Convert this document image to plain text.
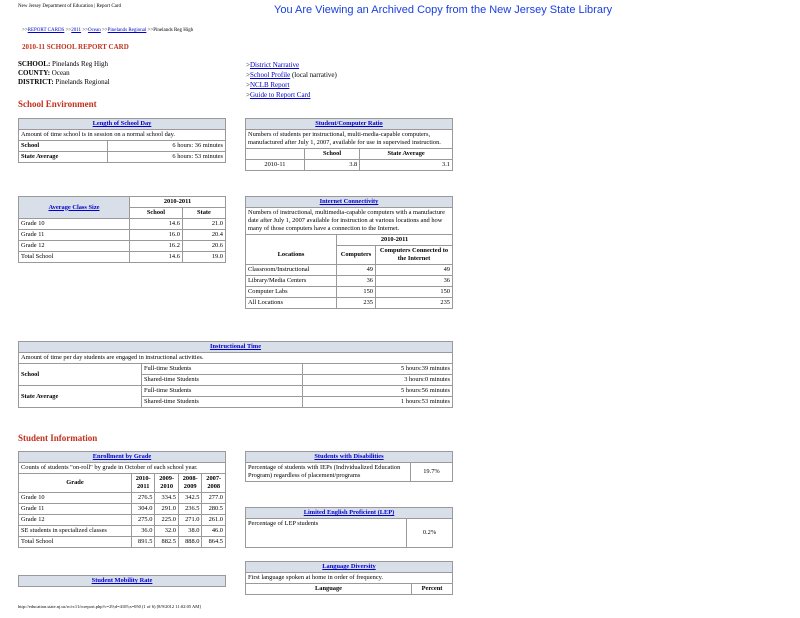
New Jersey Department of Education | Report Card	You Are Viewing an Archived Copy from the New Jersey State Library
>>REPORT CARDS >>2011 >>Ocean >>Pinelands Regional >>Pinelands Reg High
2010-11 SCHOOL REPORT CARD
SCHOOL: Pinelands Reg High
COUNTY: Ocean
DISTRICT: Pinelands Regional
>District Narrative
>School Profile (local narrative)
>NCLB Report
>Guide to Report Card
School Environment
Length of School Day	
Amount of time school is in session on a normal school day.	
School	6 hours: 36 minutes
State Average	6 hours: 53 minutes
Student/Computer Ratio		
Numbers of students per instructional, multi-media-capable computers, manufactured after July 1, 2007, available for use in supervised instruction.		
	School	State Average
2010-11	3.8	3.1
Average Class Size	2010-2011	
	School	State
Grade 10	14.6	21.0
Grade 11	16.0	20.4
Grade 12	16.2	20.6
Total School	14.6	19.0
Internet Connectivity		
Numbers of instructional, multimedia-capable computers with a manufacture date after July 1, 2007 available for instruction at various locations and how many of those computers have a connection to the Internet.		
	2010-2011	
Locations	Computers	Computers Connected to the Internet
Classroom/Instructional	49	49
Library/Media Centers	36	36
Computer Labs	150	150
All Locations	235	235
Instructional Time		
Amount of time per day students are engaged in instructional activities.		
School	Full-time Students	5 hours:39 minutes
	Shared-time Students	3 hours:0 minutes
State Average	Full-time Students	5 hours:56 minutes
	Shared-time Students	1 hours:53 minutes
Student Information
Enrollment by Grade				
Counts of students "on-roll" by grade in October of each school year.				
Grade	2010-2011	2009-2010	2008-2009	2007-2008
Grade 10	276.5	334.5	342.5	277.0
Grade 11	304.0	291.0	236.5	280.5
Grade 12	275.0	225.0	271.0	261.0
SE students in specialized classes	36.0	32.0	38.0	46.0
Total School	891.5	882.5	888.0	864.5
Student Mobility Rate
Students with Disabilities
Percentage of students with IEPs (Individualized Education Program) regardless of placement/programs	19.7%
Limited English Proficient (LEP)
Percentage of LEP students	0.2%
Language Diversity
First language spoken at home in order of frequency.
Language	Percent
http://education.state.nj.us/rc/rc11/rcreport.php?c=29;d=4105;s=050 (1 of 6) [8/9/2012 11:02:05 AM]
